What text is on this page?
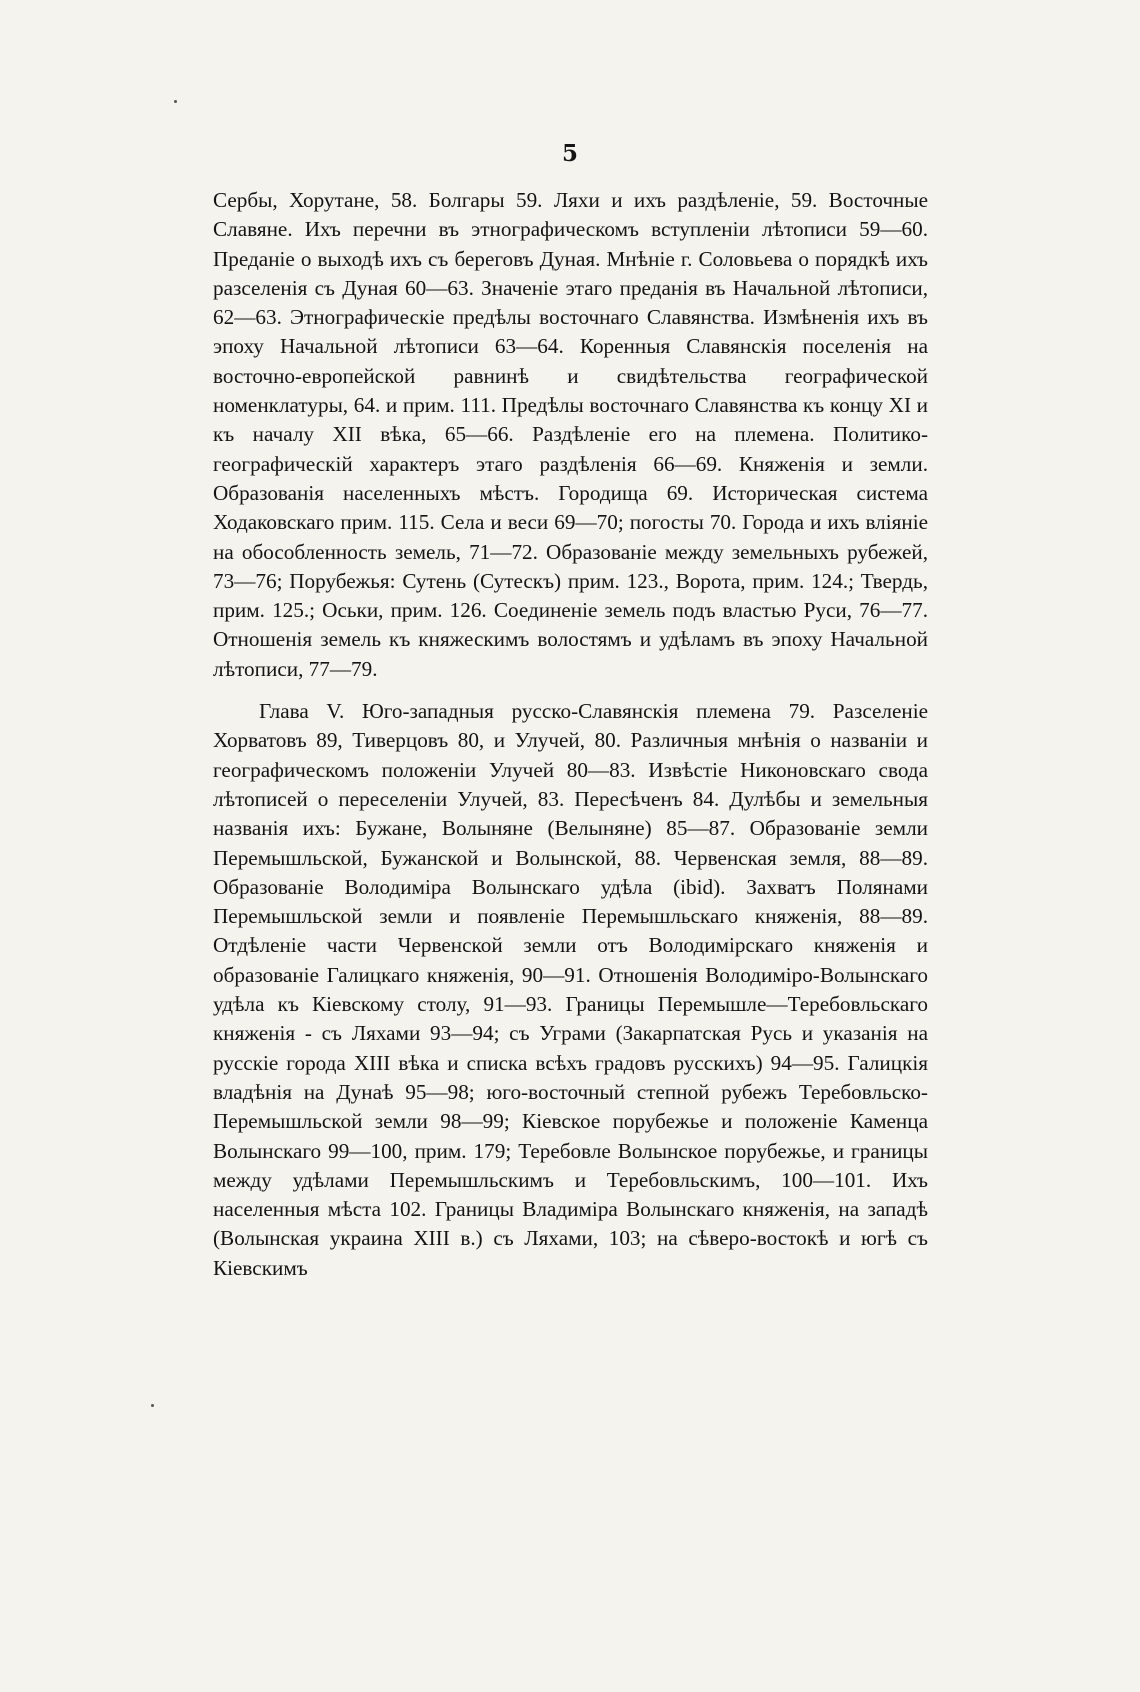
5

Сербы, Хорутане, 58. Болгары 59. Ляхи и ихъ раздѣленіе, 59. Восточные Славяне. Ихъ перечни въ этнографическомъ вступленіи лѣтописи 59—60. Преданіе о выходѣ ихъ съ береговъ Дуная. Мнѣніе г. Соловьева о порядкѣ ихъ разселенія съ Дуная 60—63. Значеніе этаго преданія въ Начальной лѣтописи, 62—63. Этнографическіе предѣлы восточнаго Славянства. Измѣненія ихъ въ эпоху Начальной лѣтописи 63—64. Коренныя Славянскія поселенія на восточно-европейской равнинѣ и свидѣтельства географической номенклатуры, 64. и прим. 111. Предѣлы восточнаго Славянства къ концу XI и къ началу XII вѣка, 65—66. Раздѣленіе его на племена. Политико-географическій характеръ этаго раздѣленія 66—69. Княженія и земли. Образованія населенныхъ мѣстъ. Городища 69. Историческая система Ходаковскаго прим. 115. Села и веси 69—70; погосты 70. Города и ихъ вліяніе на обособленность земель, 71—72. Образованіе между земельныхъ рубежей, 73—76; Порубежья: Сутень (Сутескъ) прим. 123., Ворота, прим. 124.; Твердь, прим. 125.; Оськи, прим. 126. Соединеніе земель подъ властью Руси, 76—77. Отношенія земель къ княжескимъ волостямъ и удѣламъ въ эпоху Начальной лѣтописи, 77—79.

Глава V. Юго-западныя русско-Славянскія племена 79. Разселеніе Хорватовъ 89, Тиверцовъ 80, и Улучей, 80. Различныя мнѣнія о названіи и географическомъ положеніи Улучей 80—83. Извѣстіе Никоновскаго свода лѣтописей о переселеніи Улучей, 83. Пересѣченъ 84. Дулѣбы и земельныя названія ихъ: Бужане, Волыняне (Велыняне) 85—87. Образованіе земли Перемышльской, Бужанской и Волынской, 88. Червенская земля, 88—89. Образованіе Володиміра Волынскаго удѣла (ibid). Захватъ Полянами Перемышльской земли и появленіе Перемышльскаго княженія, 88—89. Отдѣленіе части Червенской земли отъ Володимірскаго княженія и образованіе Галицкаго княженія, 90—91. Отношенія Володиміро-Волынскаго удѣла къ Кіевскому столу, 91—93. Границы Перемышле—Теребовльскаго княженія - съ Ляхами 93—94; съ Уграми (Закарпатская Русь и указанія на русскіе города XIII вѣка и списка всѣхъ градовъ русскихъ) 94—95. Галицкія владѣнія на Дунаѣ 95—98; юго-восточный степной рубежъ Теребовльско-Перемышльской земли 98—99; Кіевское порубежье и положеніе Каменца Волынскаго 99—100, прим. 179; Теребовле Волынское порубежье, и границы между удѣлами Перемышльскимъ и Теребовльскимъ, 100—101. Ихъ населенныя мѣста 102. Границы Владиміра Волынскаго княженія, на западѣ (Волынская украина XIII в.) съ Ляхами, 103; на сѣверо-востокѣ и югѣ съ Кіевскимъ
